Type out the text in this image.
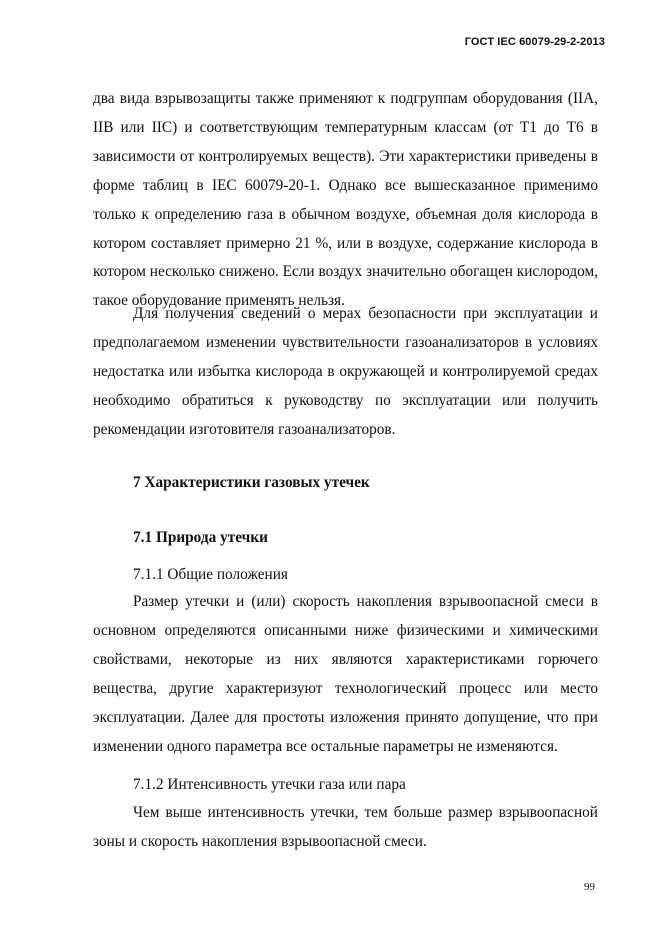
ГОСТ IEC 60079-29-2-2013

два вида взрывозащиты также применяют к подгруппам оборудования (IIA, IIB или IIC) и соответствующим температурным классам (от Т1 до Т6 в зависимости от контролируемых веществ). Эти характеристики приведены в форме таблиц в IEC 60079-20-1. Однако все вышесказанное применимо только к определению газа в обычном воздухе, объемная доля кислорода в котором составляет примерно 21 %, или в воздухе, содержание кислорода в котором несколько снижено. Если воздух значительно обогащен кислородом, такое оборудование применять нельзя.

Для получения сведений о мерах безопасности при эксплуатации и предполагаемом изменении чувствительности газоанализаторов в условиях недостатка или избытка кислорода в окружающей и контролируемой средах необходимо обратиться к руководству по эксплуатации или получить рекомендации изготовителя газоанализаторов.

7 Характеристики газовых утечек

7.1 Природа утечки

7.1.1 Общие положения

Размер утечки и (или) скорость накопления взрывоопасной смеси в основном определяются описанными ниже физическими и химическими свойствами, некоторые из них являются характеристиками горючего вещества, другие характеризуют технологический процесс или место эксплуатации. Далее для простоты изложения принято допущение, что при изменении одного параметра все остальные параметры не изменяются.

7.1.2 Интенсивность утечки газа или пара

Чем выше интенсивность утечки, тем больше размер взрывоопасной зоны и скорость накопления взрывоопасной смеси.

99
